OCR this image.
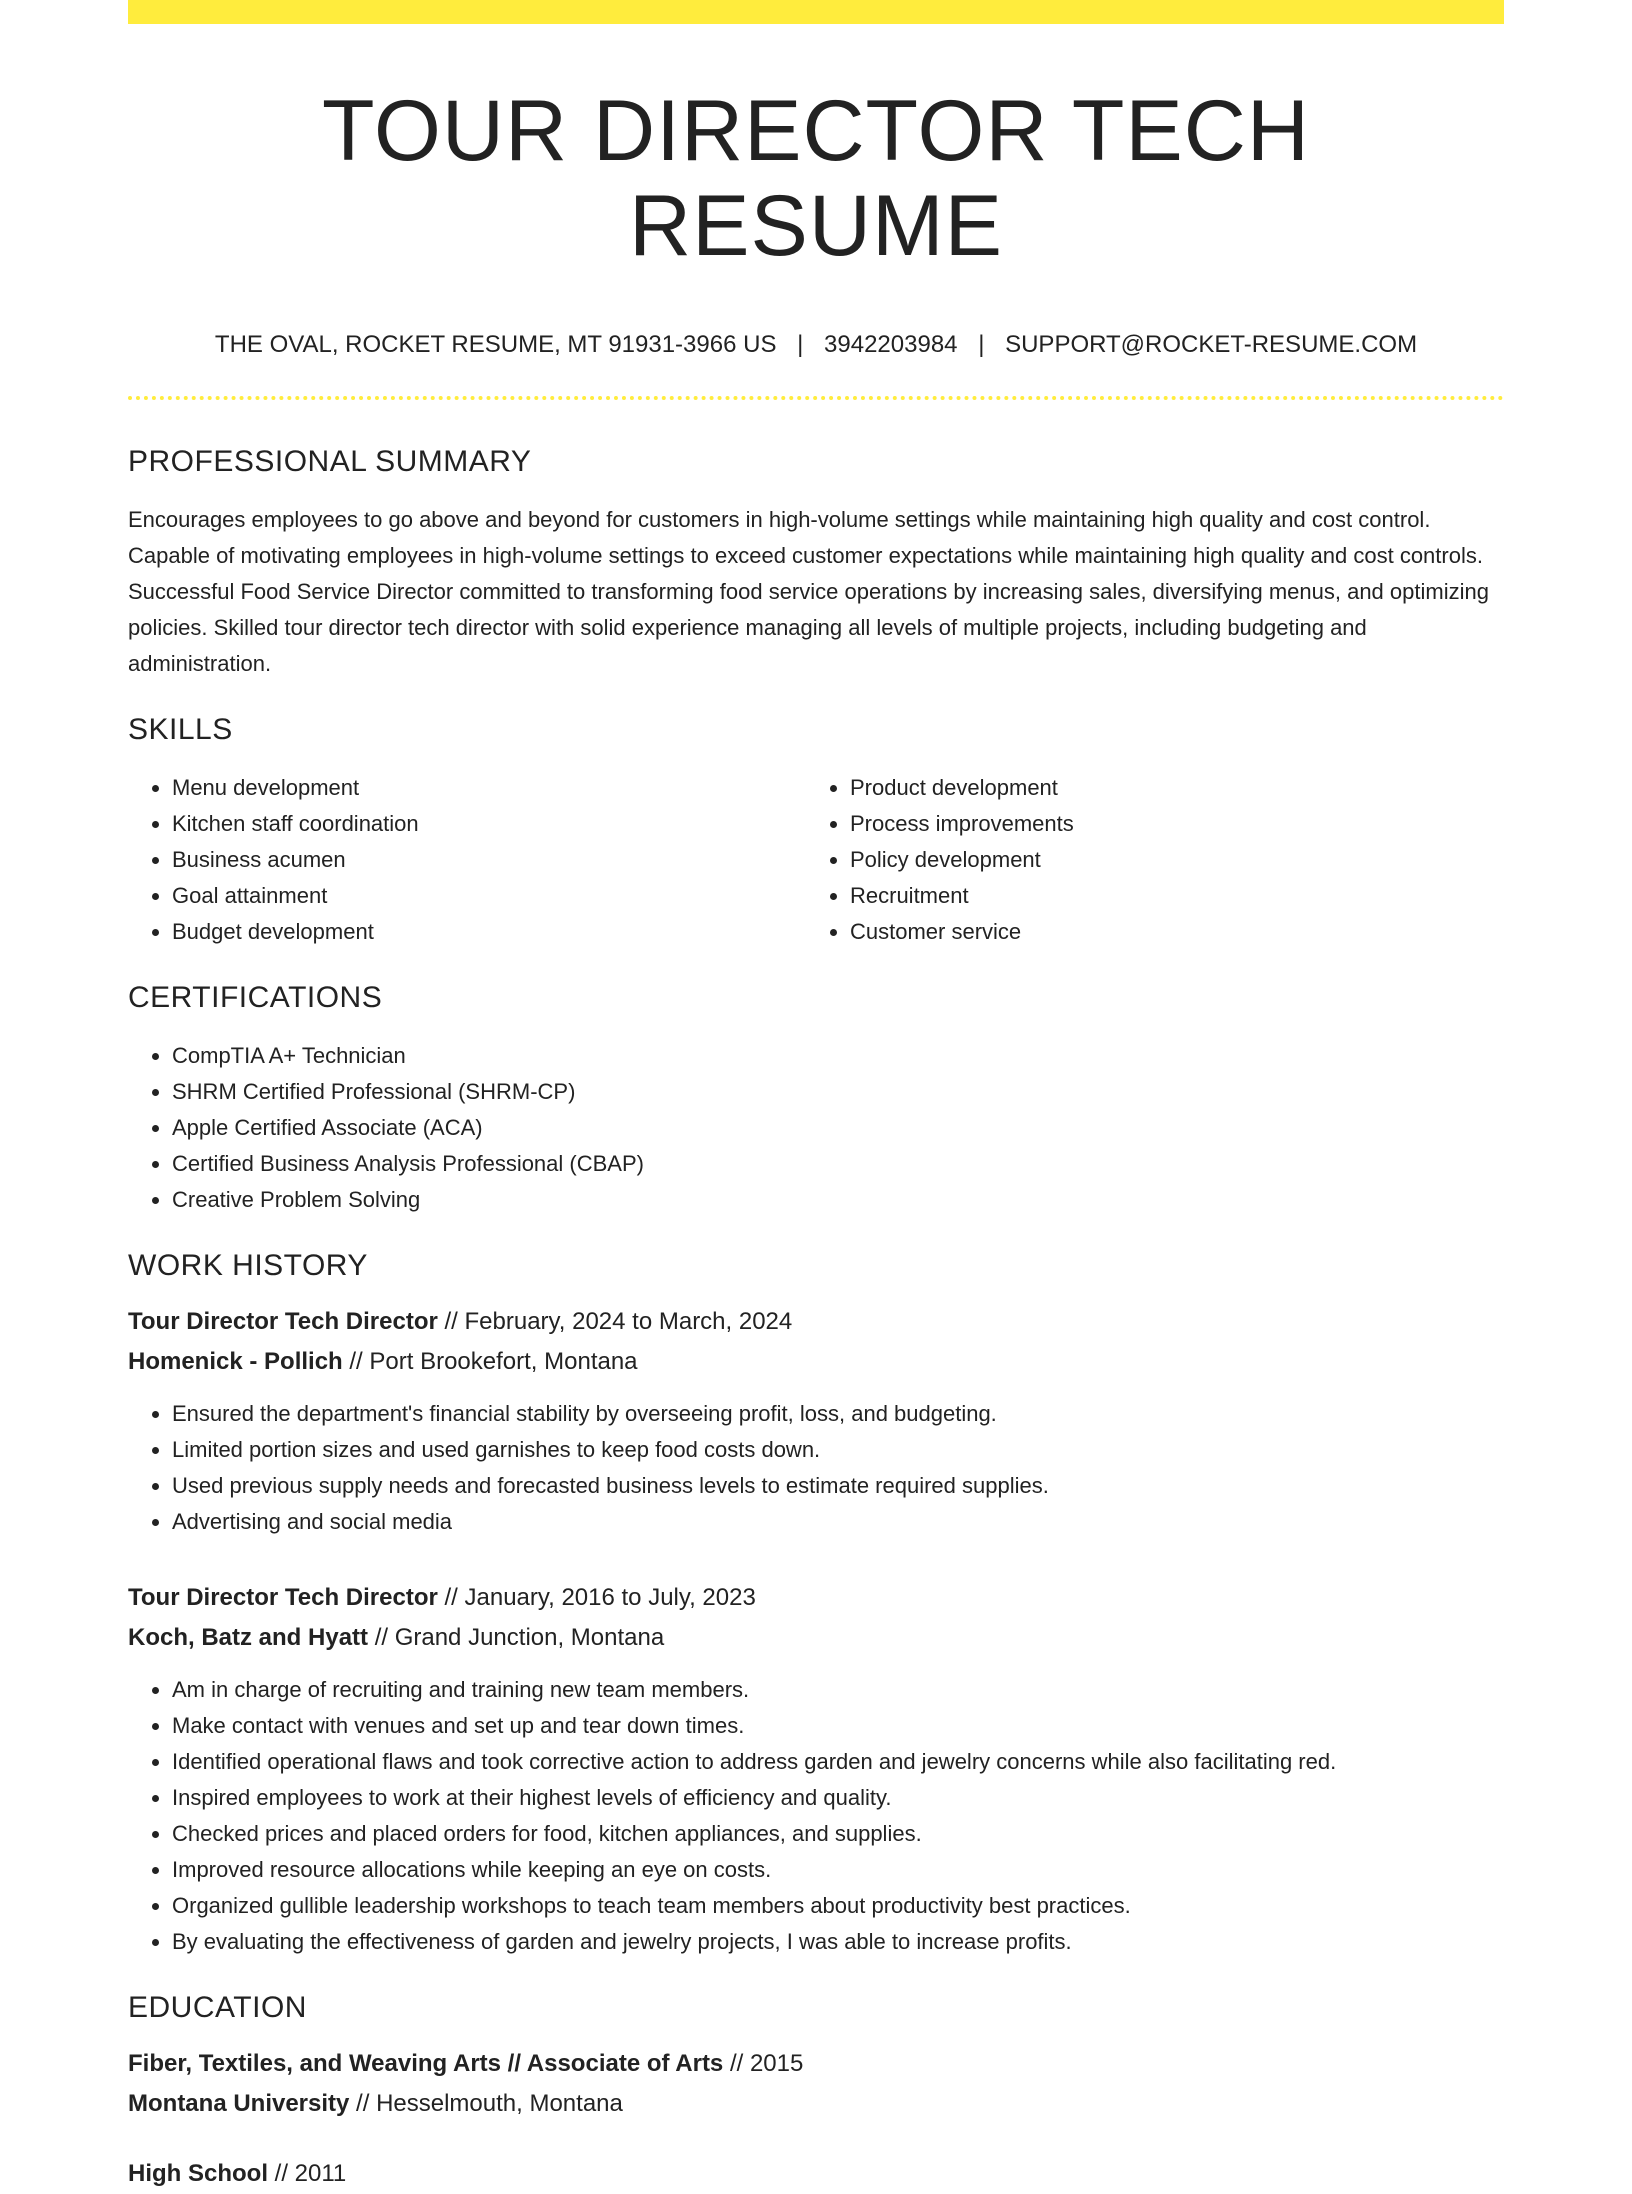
TOUR DIRECTOR TECH RESUME
THE OVAL, ROCKET RESUME, MT 91931-3966 US | 3942203984 | SUPPORT@ROCKET-RESUME.COM
PROFESSIONAL SUMMARY

Encourages employees to go above and beyond for customers in high-volume settings while maintaining high quality and cost control. Capable of motivating employees in high-volume settings to exceed customer expectations while maintaining high quality and cost controls. Successful Food Service Director committed to transforming food service operations by increasing sales, diversifying menus, and optimizing policies. Skilled tour director tech director with solid experience managing all levels of multiple projects, including budgeting and administration.

SKILLS
• Menu development
• Kitchen staff coordination
• Business acumen
• Goal attainment
• Budget development
• Product development
• Process improvements
• Policy development
• Recruitment
• Customer service
CERTIFICATIONS
• CompTIA A+ Technician
• SHRM Certified Professional (SHRM-CP)
• Apple Certified Associate (ACA)
• Certified Business Analysis Professional (CBAP)
• Creative Problem Solving
WORK HISTORY
Tour Director Tech Director // February, 2024 to March, 2024
Homenick - Pollich // Port Brookefort, Montana
• Ensured the department's financial stability by overseeing profit, loss, and budgeting.
• Limited portion sizes and used garnishes to keep food costs down.
• Used previous supply needs and forecasted business levels to estimate required supplies.
• Advertising and social media
Tour Director Tech Director // January, 2016 to July, 2023
Koch, Batz and Hyatt // Grand Junction, Montana
• Am in charge of recruiting and training new team members.
• Make contact with venues and set up and tear down times.
• Identified operational flaws and took corrective action to address garden and jewelry concerns while also facilitating red.
• Inspired employees to work at their highest levels of efficiency and quality.
• Checked prices and placed orders for food, kitchen appliances, and supplies.
• Improved resource allocations while keeping an eye on costs.
• Organized gullible leadership workshops to teach team members about productivity best practices.
• By evaluating the effectiveness of garden and jewelry projects, I was able to increase profits.
EDUCATION
Fiber, Textiles, and Weaving Arts // Associate of Arts // 2015
Montana University // Hesselmouth, Montana
High School // 2011
